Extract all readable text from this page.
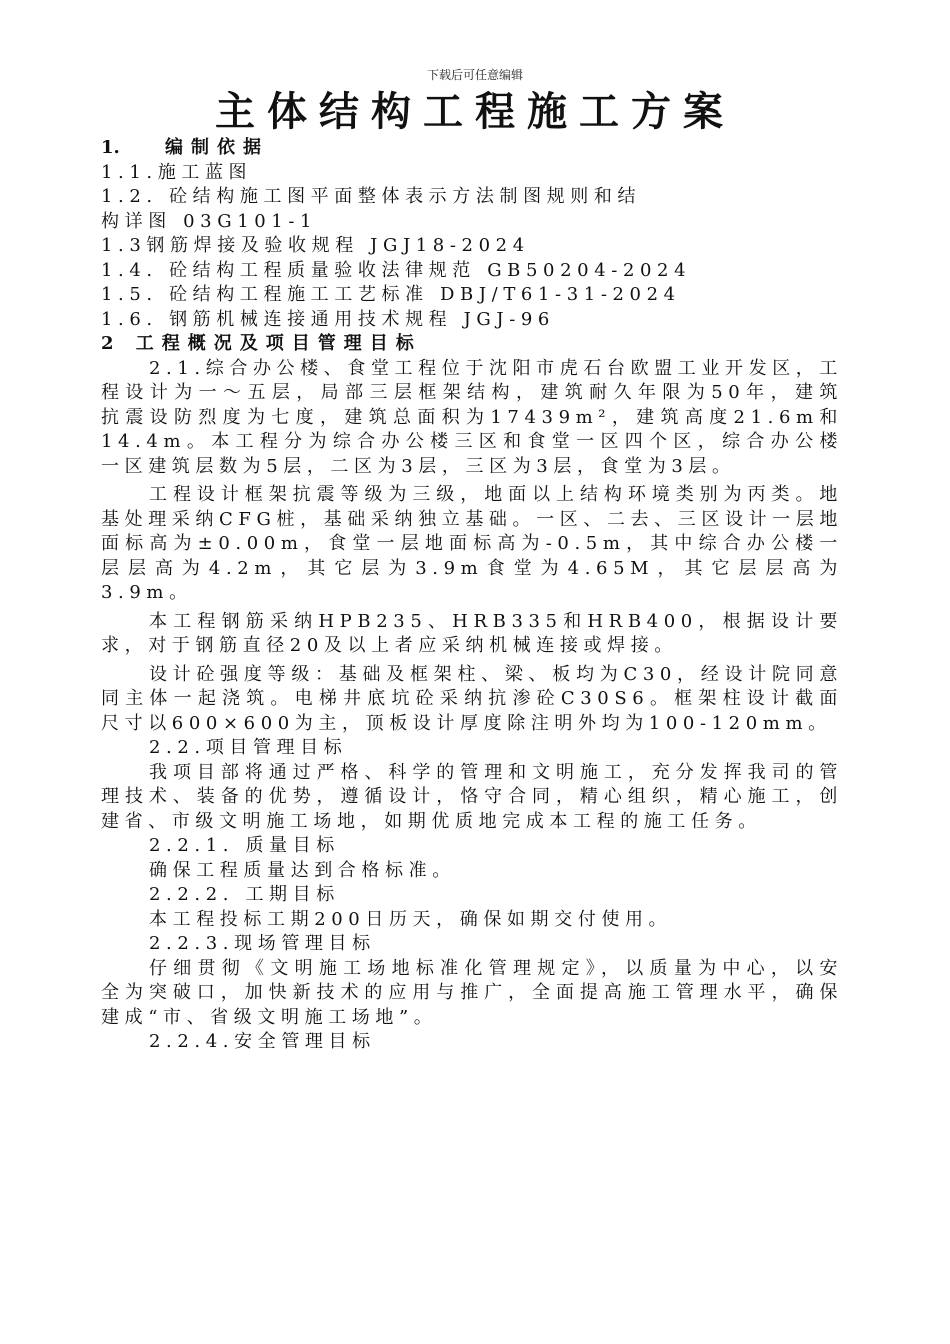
下载后可任意编辑
主体结构工程施工方案
1.	编制依据
1.1.施工蓝图
1.2. 砼结构施工图平面整体表示方法制图规则和结
构详图 03G101-1
1.3钢筋焊接及验收规程 JGJ18-2024
1.4. 砼结构工程质量验收法律规范 GB50204-2024
1.5. 砼结构工程施工工艺标准 DBJ/T61-31-2024
1.6. 钢筋机械连接通用技术规程 JGJ-96
2 工程概况及项目管理目标
2.1.综合办公楼、食堂工程位于沈阳市虎石台欧盟工业开发区，工程设计为一～五层，局部三层框架结构，建筑耐久年限为50年，建筑抗震设防烈度为七度，建筑总面积为17439m²，建筑高度21.6m和14.4m。本工程分为综合办公楼三区和食堂一区四个区，综合办公楼一区建筑层数为5层，二区为3层，三区为3层，食堂为3层。
工程设计框架抗震等级为三级，地面以上结构环境类别为丙类。地基处理采纳CFG桩，基础采纳独立基础。一区、二去、三区设计一层地面标高为±0.00m，食堂一层地面标高为-0.5m，其中综合办公楼一层层高为4.2m，其它层为3.9m食堂为4.65M，其它层层高为3.9m。
本工程钢筋采纳HPB235、HRB335和HRB400，根据设计要求，对于钢筋直径20及以上者应采纳机械连接或焊接。
设计砼强度等级：基础及框架柱、梁、板均为C30，经设计院同意同主体一起浇筑。电梯井底坑砼采纳抗渗砼C30S6。框架柱设计截面尺寸以600×600为主，顶板设计厚度除注明外均为100-120mm。
2.2.项目管理目标
我项目部将通过严格、科学的管理和文明施工，充分发挥我司的管理技术、装备的优势，遵循设计，恪守合同，精心组织，精心施工，创建省、市级文明施工场地，如期优质地完成本工程的施工任务。
2.2.1. 质量目标
确保工程质量达到合格标准。
2.2.2. 工期目标
本工程投标工期200日历天，确保如期交付使用。
2.2.3.现场管理目标
仔细贯彻《文明施工场地标准化管理规定》，以质量为中心，以安全为突破口，加快新技术的应用与推广，全面提高施工管理水平，确保建成“市、省级文明施工场地”。
2.2.4.安全管理目标
